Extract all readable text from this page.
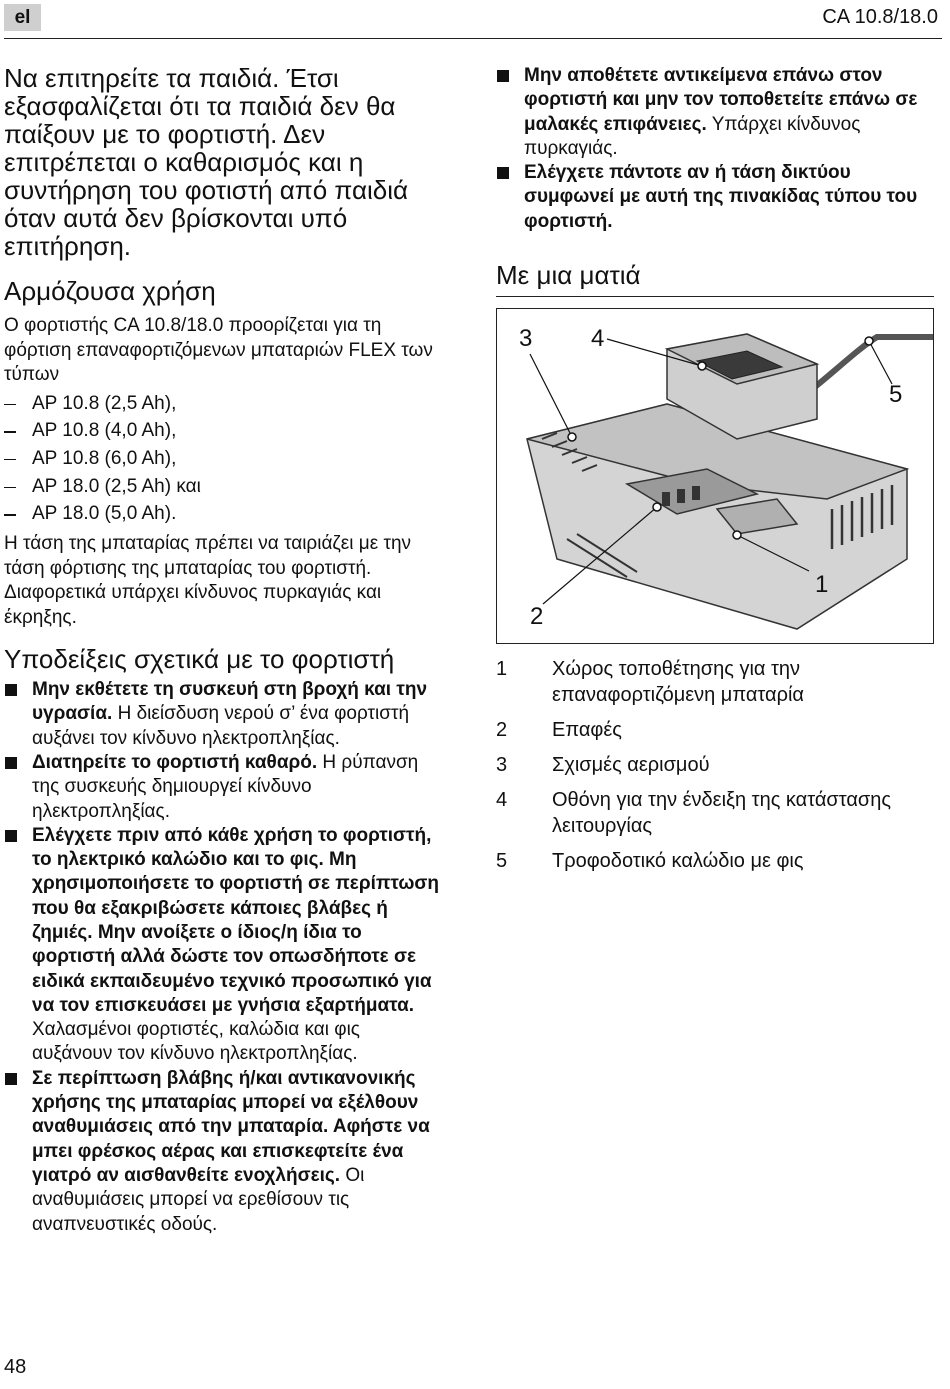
el	CA 10.8/18.0

Να επιτηρείτε τα παιδιά. Έτσι εξασφαλίζεται ότι τα παιδιά δεν θα παίξουν με το φορτιστή. Δεν επιτρέπεται ο καθαρισμός και η συντήρηση του φοτιστή από παιδιά όταν αυτά δεν βρίσκονται υπό επιτήρηση.

Αρμόζουσα χρήση

Ο φορτιστής CA 10.8/18.0 προορίζεται για τη φόρτιση επαναφορτιζόμενων μπαταριών FLEX των τύπων

AP 10.8 (2,5 Ah),
AP 10.8 (4,0 Ah),
AP 10.8 (6,0 Ah),
AP 18.0 (2,5 Ah) και
AP 18.0 (5,0 Ah).

Η τάση της μπαταρίας πρέπει να ταιριάζει με την τάση φόρτισης της μπαταρίας του φορτιστή. Διαφορετικά υπάρχει κίνδυνος πυρκαγιάς και έκρηξης.

Υποδείξεις σχετικά με το φορτιστή
Μην εκθέτετε τη συσκευή στη βροχή και την υγρασία. Η διείσδυση νερού σ’ ένα φορτιστή αυξάνει τον κίνδυνο ηλεκτροπληξίας.
Διατηρείτε το φορτιστή καθαρό. Η ρύπανση της συσκευής δημιουργεί κίνδυνο ηλεκτροπληξίας.
Ελέγχετε πριν από κάθε χρήση το φορτιστή, το ηλεκτρικό καλώδιο και το φις. Μη χρησιμοποιήσετε το φορτιστή σε περίπτωση που θα εξακριβώσετε κάποιες βλάβες ή ζημιές. Μην ανοίξετε ο ίδιος/η ίδια το φορτιστή αλλά δώστε τον οπωσδήποτε σε ειδικά εκπαιδευμένο τεχνικό προσωπικό για να τον επισκευάσει με γνήσια εξαρτήματα. Χαλασμένοι φορτιστές, καλώδια και φις αυξάνουν τον κίνδυνο ηλεκτροπληξίας.
Σε περίπτωση βλάβης ή/και αντικανονικής χρήσης της μπαταρίας μπορεί να εξέλθουν αναθυμιάσεις από την μπαταρία. Αφήστε να μπει φρέσκος αέρας και επισκεφτείτε ένα γιατρό αν αισθανθείτε ενοχλήσεις. Οι αναθυμιάσεις μπορεί να ερεθίσουν τις αναπνευστικές οδούς.
Μην αποθέτετε αντικείμενα επάνω στον φορτιστή και μην τον τοποθετείτε επάνω σε μαλακές επιφάνειες. Υπάρχει κίνδυνος πυρκαγιάς.
Ελέγχετε πάντοτε αν ή τάση δικτύου συμφωνεί με αυτή της πινακίδας τύπου του φορτιστή.
Με μια ματιά
3 4
5
1
2
1 Χώρος τοποθέτησης για την επαναφορτιζόμενη μπαταρία
2 Επαφές
3 Σχισμές αερισμού
4 Οθόνη για την ένδειξη της κατάστασης λειτουργίας
5 Τροφοδοτικό καλώδιο με φις
48
